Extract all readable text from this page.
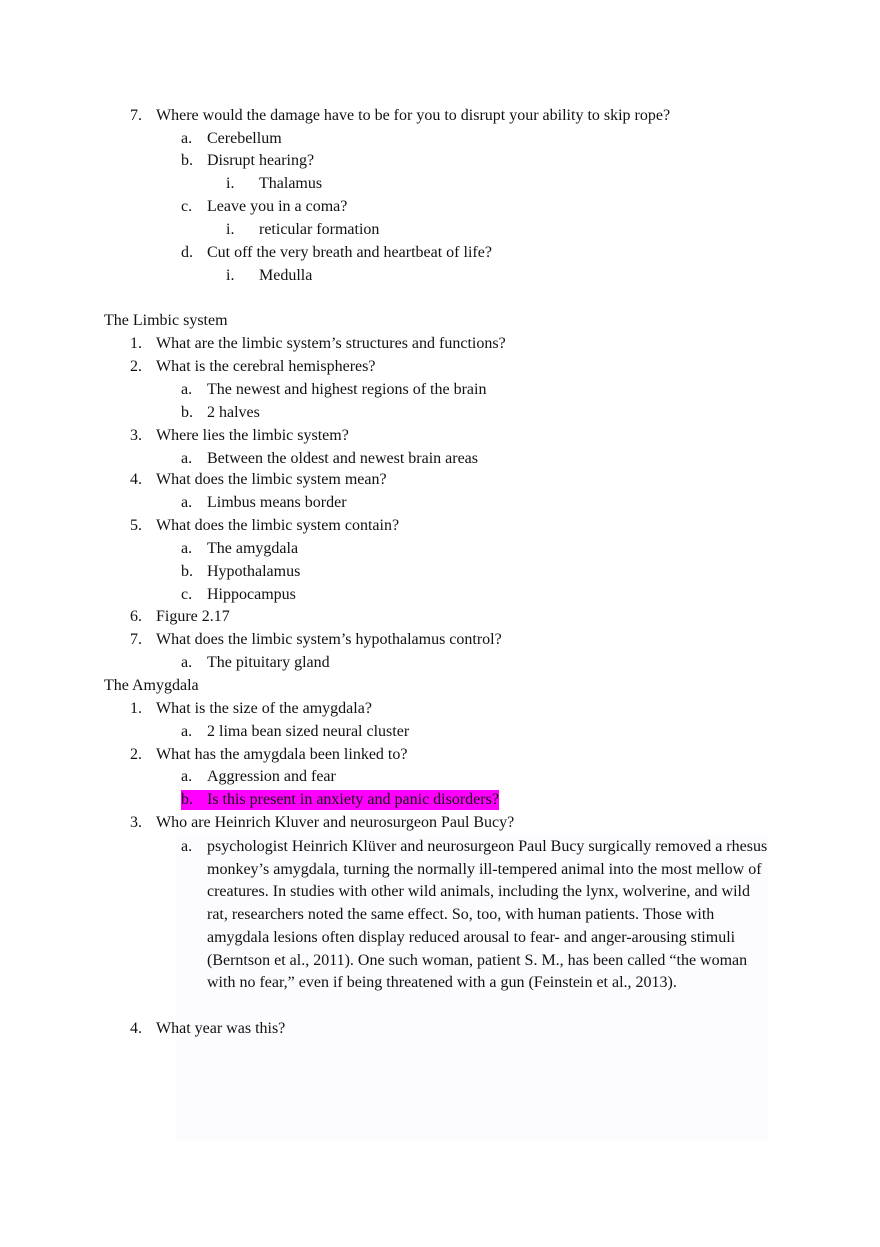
7. Where would the damage have to be for you to disrupt your ability to skip rope?
a. Cerebellum
b. Disrupt hearing?
i. Thalamus
c. Leave you in a coma?
i. reticular formation
d. Cut off the very breath and heartbeat of life?
i. Medulla
The Limbic system
1. What are the limbic system’s structures and functions?
2. What is the cerebral hemispheres?
a. The newest and highest regions of the brain
b. 2 halves
3. Where lies the limbic system?
a. Between the oldest and newest brain areas
4. What does the limbic system mean?
a. Limbus means border
5. What does the limbic system contain?
a. The amygdala
b. Hypothalamus
c. Hippocampus
6. Figure 2.17
7. What does the limbic system’s hypothalamus control?
a. The pituitary gland
The Amygdala
1. What is the size of the amygdala?
a. 2 lima bean sized neural cluster
2. What has the amygdala been linked to?
a. Aggression and fear
b. Is this present in anxiety and panic disorders?
3. Who are Heinrich Kluver and neurosurgeon Paul Bucy?
a. psychologist Heinrich Klüver and neurosurgeon Paul Bucy surgically removed a rhesus monkey’s amygdala, turning the normally ill-tempered animal into the most mellow of creatures. In studies with other wild animals, including the lynx, wolverine, and wild rat, researchers noted the same effect. So, too, with human patients. Those with amygdala lesions often display reduced arousal to fear- and anger-arousing stimuli (Berntson et al., 2011). One such woman, patient S. M., has been called “the woman with no fear,” even if being threatened with a gun (Feinstein et al., 2013).
4. What year was this?
